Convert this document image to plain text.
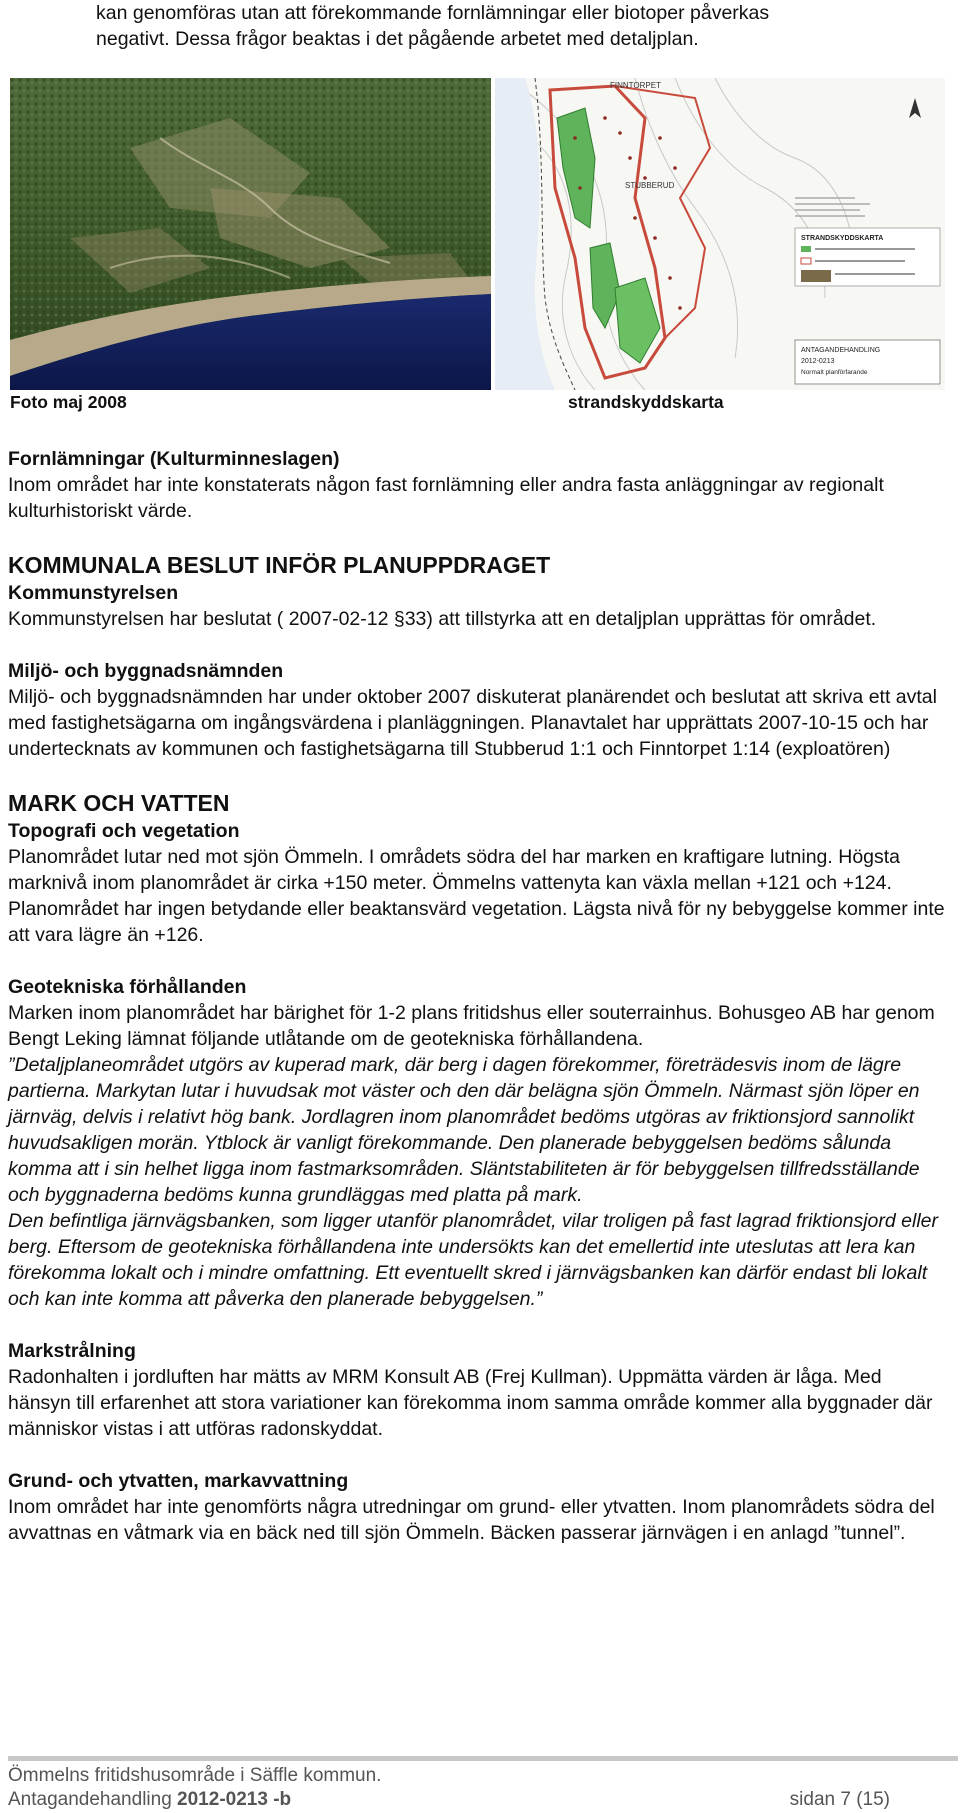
kan genomföras utan att förekommande fornlämningar eller biotoper påverkas
negativt. Dessa frågor beaktas i det pågående arbetet med detaljplan.
FINNTORPET
STUBBERUD
STRANDSKYDDSKARTA
ANTAGANDEHANDLING
2012-0213
Normalt planförfarande
Foto maj 2008	strandskyddskarta
Fornlämningar (Kulturminneslagen)

Inom området har inte konstaterats någon fast fornlämning eller andra fasta anläggningar av regionalt kulturhistoriskt värde.

KOMMUNALA BESLUT INFÖR PLANUPPDRAGET
Kommunstyrelsen

Kommunstyrelsen har beslutat ( 2007-02-12 §33) att tillstyrka att en detaljplan upprättas för området.

Miljö- och byggnadsnämnden

Miljö- och byggnadsnämnden har under oktober 2007 diskuterat planärendet och beslutat att skriva ett avtal med fastighetsägarna om ingångsvärdena i planläggningen. Planavtalet har upprättats 2007-10-15 och har undertecknats av kommunen och fastighetsägarna till Stubberud 1:1 och Finntorpet 1:14 (exploatören)

MARK OCH VATTEN
Topografi och vegetation

Planområdet lutar ned mot sjön Ömmeln. I områdets södra del har marken en kraftigare lutning. Högsta marknivå inom planområdet är cirka +150 meter. Ömmelns vattenyta kan växla mellan +121 och +124. Planområdet har ingen betydande eller beaktansvärd vegetation. Lägsta nivå för ny bebyggelse kommer inte att vara lägre än +126.

Geotekniska förhållanden

Marken inom planområdet har bärighet för 1-2 plans fritidshus eller souterrainhus. Bohusgeo AB har genom Bengt Leking lämnat följande utlåtande om de geotekniska förhållandena.

”Detaljplaneområdet utgörs av kuperad mark, där berg i dagen förekommer, företrädesvis inom de lägre partierna. Markytan lutar i huvudsak mot väster och den där belägna sjön Ömmeln. Närmast sjön löper en järnväg, delvis i relativt hög bank. Jordlagren inom planområdet bedöms utgöras av friktionsjord sannolikt huvudsakligen morän. Ytblock är vanligt förekommande. Den planerade bebyggelsen bedöms sålunda komma att i sin helhet ligga inom fastmarksområden. Släntstabiliteten är för bebyggelsen tillfredsställande och byggnaderna bedöms kunna grundläggas med platta på mark.

Den befintliga järnvägsbanken, som ligger utanför planområdet, vilar troligen på fast lagrad friktionsjord eller berg. Eftersom de geotekniska förhållandena inte undersökts kan det emellertid inte uteslutas att lera kan förekomma lokalt och i mindre omfattning. Ett eventuellt skred i järnvägsbanken kan därför endast bli lokalt och kan inte komma att påverka den planerade bebyggelsen.”

Markstrålning

Radonhalten i jordluften har mätts av MRM Konsult AB (Frej Kullman). Uppmätta värden är låga. Med hänsyn till erfarenhet att stora variationer kan förekomma inom samma område kommer alla byggnader där människor vistas i att utföras radonskyddat.

Grund- och ytvatten, markavvattning

Inom området har inte genomförts några utredningar om grund- eller ytvatten. Inom planområdets södra del avvattnas en våtmark via en bäck ned till sjön Ömmeln. Bäcken passerar järnvägen i en anlagd ”tunnel”.

Ömmelns fritidshusområde i Säffle kommun.
Antagandehandling 2012-0213 -b	sidan 7 (15)
